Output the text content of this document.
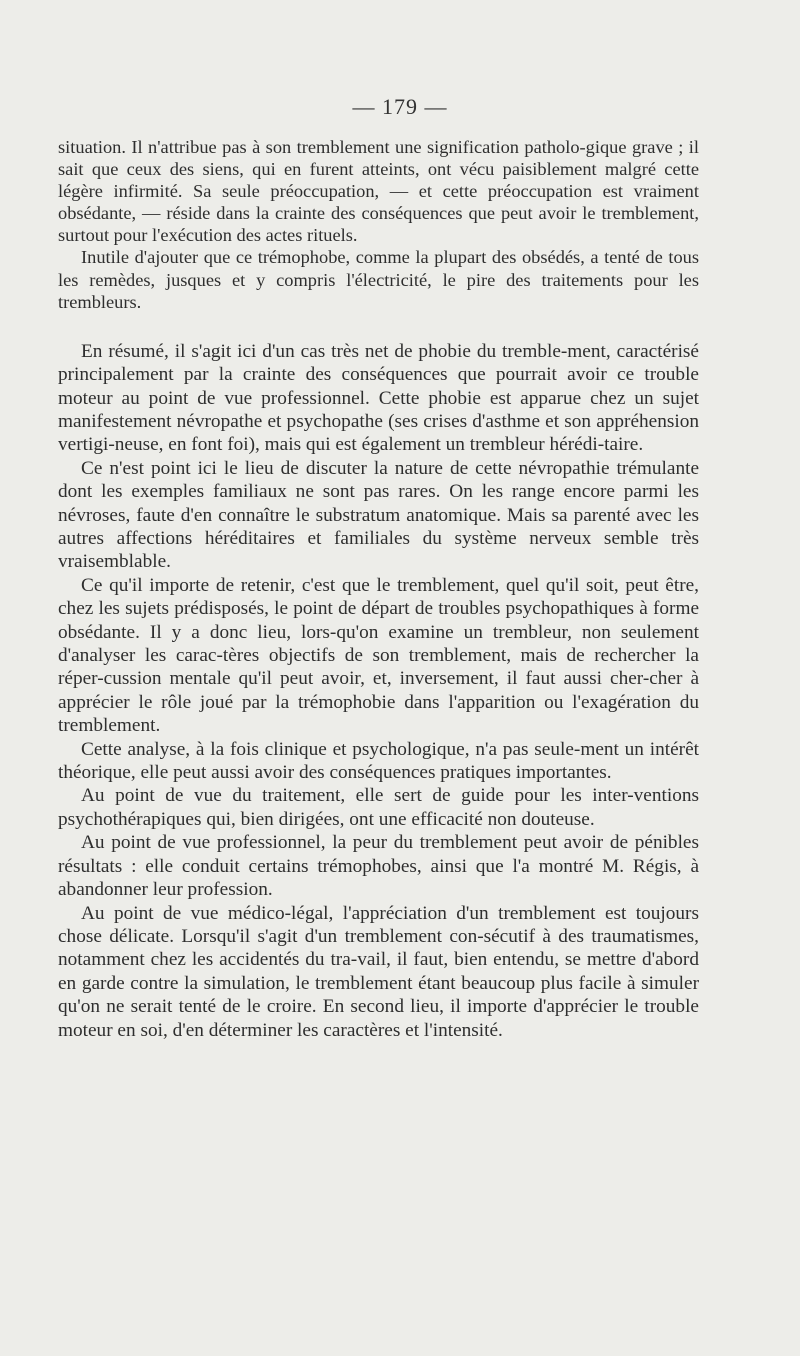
— 179 —

situation. Il n'attribue pas à son tremblement une signification patholo-gique grave ; il sait que ceux des siens, qui en furent atteints, ont vécu paisiblement malgré cette légère infirmité. Sa seule préoccupation, — et cette préoccupation est vraiment obsédante, — réside dans la crainte des conséquences que peut avoir le tremblement, surtout pour l'exécution des actes rituels.

Inutile d'ajouter que ce trémophobe, comme la plupart des obsédés, a tenté de tous les remèdes, jusques et y compris l'électricité, le pire des traitements pour les trembleurs.

En résumé, il s'agit ici d'un cas très net de phobie du tremble-ment, caractérisé principalement par la crainte des conséquences que pourrait avoir ce trouble moteur au point de vue professionnel. Cette phobie est apparue chez un sujet manifestement névropathe et psychopathe (ses crises d'asthme et son appréhension vertigi-neuse, en font foi), mais qui est également un trembleur hérédi-taire.

Ce n'est point ici le lieu de discuter la nature de cette névropathie trémulante dont les exemples familiaux ne sont pas rares. On les range encore parmi les névroses, faute d'en connaître le substratum anatomique. Mais sa parenté avec les autres affections héréditaires et familiales du système nerveux semble très vraisemblable.

Ce qu'il importe de retenir, c'est que le tremblement, quel qu'il soit, peut être, chez les sujets prédisposés, le point de départ de troubles psychopathiques à forme obsédante. Il y a donc lieu, lors-qu'on examine un trembleur, non seulement d'analyser les carac-tères objectifs de son tremblement, mais de rechercher la réper-cussion mentale qu'il peut avoir, et, inversement, il faut aussi cher-cher à apprécier le rôle joué par la trémophobie dans l'apparition ou l'exagération du tremblement.

Cette analyse, à la fois clinique et psychologique, n'a pas seule-ment un intérêt théorique, elle peut aussi avoir des conséquences pratiques importantes.

Au point de vue du traitement, elle sert de guide pour les inter-ventions psychothérapiques qui, bien dirigées, ont une efficacité non douteuse.

Au point de vue professionnel, la peur du tremblement peut avoir de pénibles résultats : elle conduit certains trémophobes, ainsi que l'a montré M. Régis, à abandonner leur profession.

Au point de vue médico-légal, l'appréciation d'un tremblement est toujours chose délicate. Lorsqu'il s'agit d'un tremblement con-sécutif à des traumatismes, notamment chez les accidentés du tra-vail, il faut, bien entendu, se mettre d'abord en garde contre la simulation, le tremblement étant beaucoup plus facile à simuler qu'on ne serait tenté de le croire. En second lieu, il importe d'apprécier le trouble moteur en soi, d'en déterminer les caractères et l'intensité.
